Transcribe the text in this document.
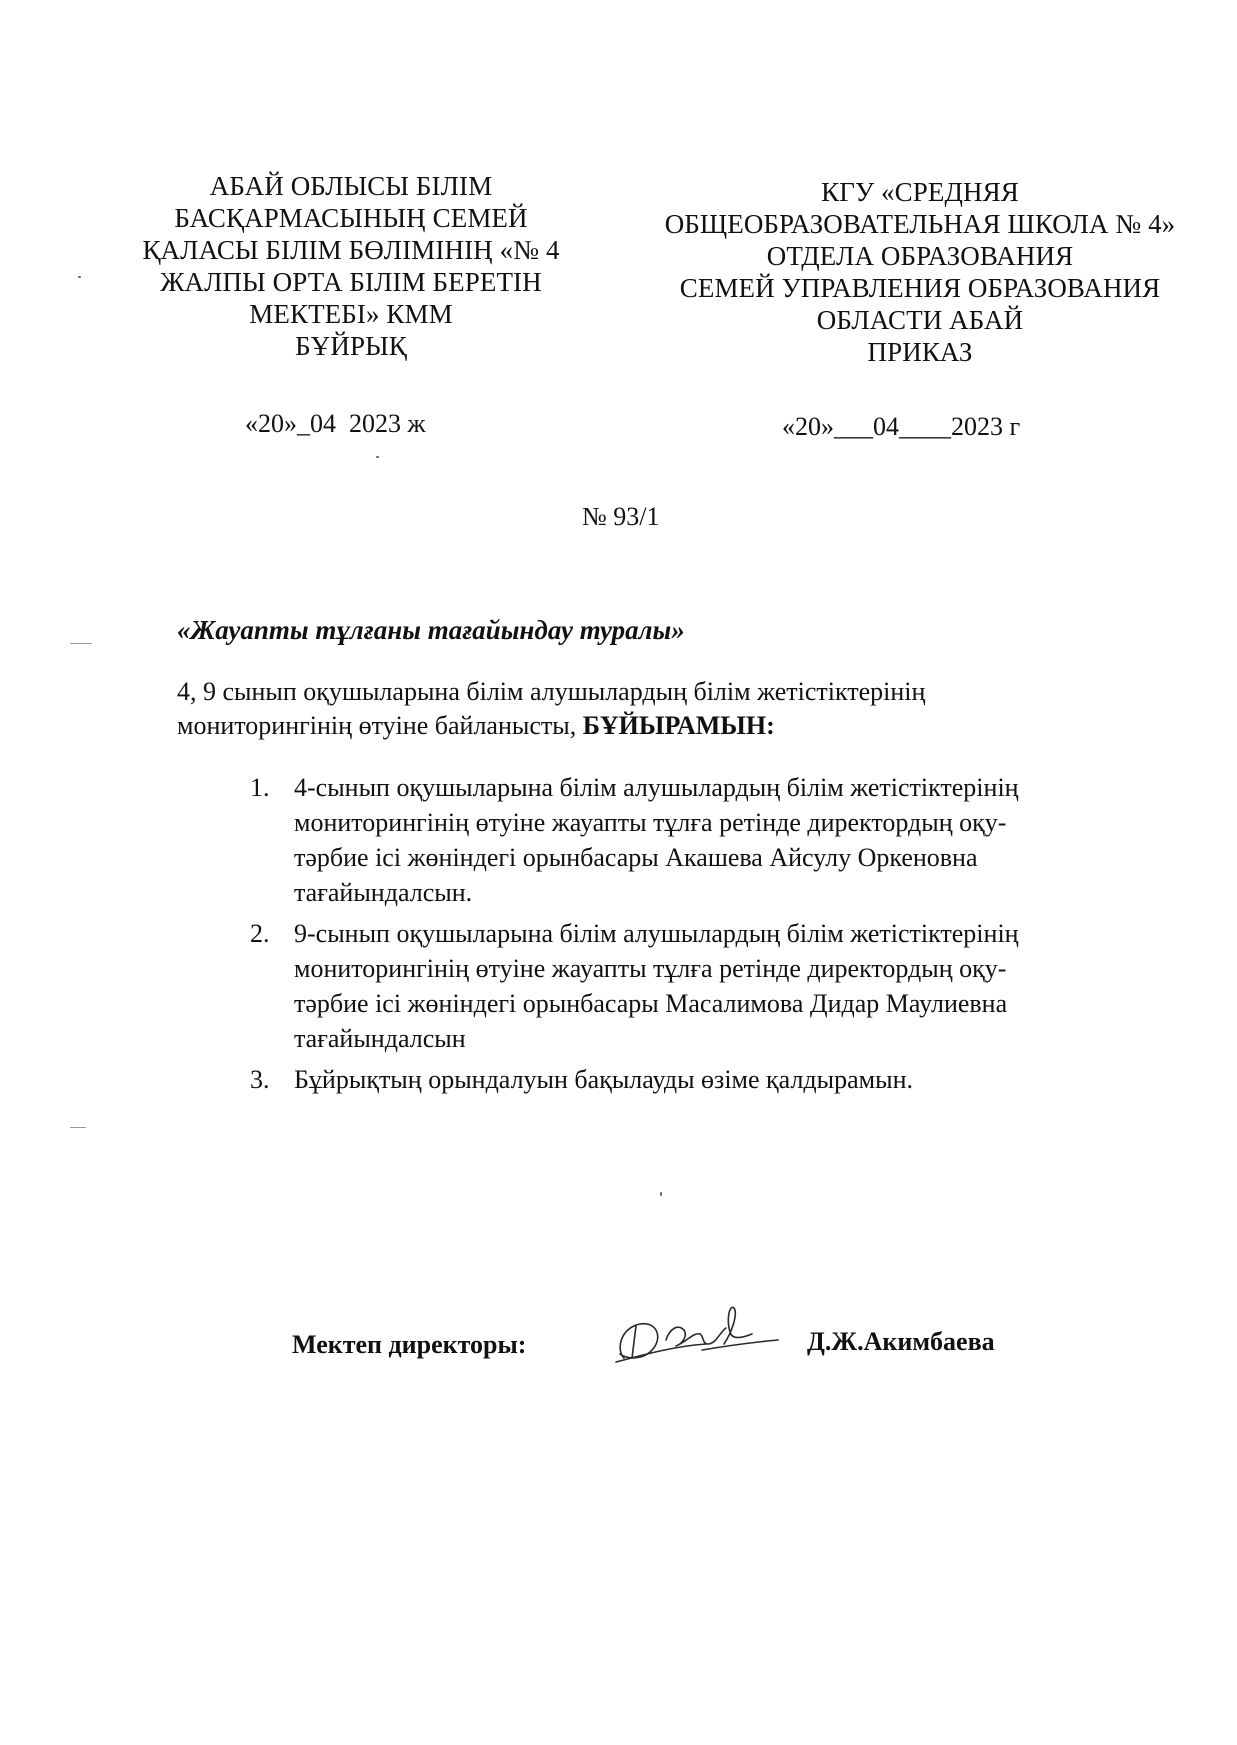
АБАЙ ОБЛЫСЫ БІЛІМ
БАСҚАРМАСЫНЫҢ СЕМЕЙ
ҚАЛАСЫ БІЛІМ БӨЛІМІНІҢ «№ 4
ЖАЛПЫ ОРТА БІЛІМ БЕРЕТІН
МЕКТЕБІ» КММ
БҰЙРЫҚ
КГУ «СРЕДНЯЯ
ОБЩЕОБРАЗОВАТЕЛЬНАЯ ШКОЛА № 4»
ОТДЕЛА ОБРАЗОВАНИЯ
СЕМЕЙ УПРАВЛЕНИЯ ОБРАЗОВАНИЯ
ОБЛАСТИ АБАЙ
ПРИКАЗ
«20»_04  2023 ж	«20»___04____2023 г
№ 93/1
«Жауапты тұлғаны тағайындау туралы»
4, 9 сынып оқушыларына білім алушылардың білім жетістіктерінің
мониторингінің өтуіне байланысты, БҰЙЫРАМЫН:
1. 4-сынып оқушыларына білім алушылардың білім жетістіктерінің
мониторингінің өтуіне жауапты тұлға ретінде директордың оқу-
тәрбие ісі жөніндегі орынбасары Акашева Айсулу Оркеновна
тағайындалсын.
2. 9-сынып оқушыларына білім алушылардың білім жетістіктерінің
мониторингінің өтуіне жауапты тұлға ретінде директордың оқу-
тәрбие ісі жөніндегі орынбасары Масалимова Дидар Маулиевна
тағайындалсын
3. Бұйрықтың орындалуын бақылауды өзіме қалдырамын.
Мектеп директоры:	Д.Ж.Акимбаева
